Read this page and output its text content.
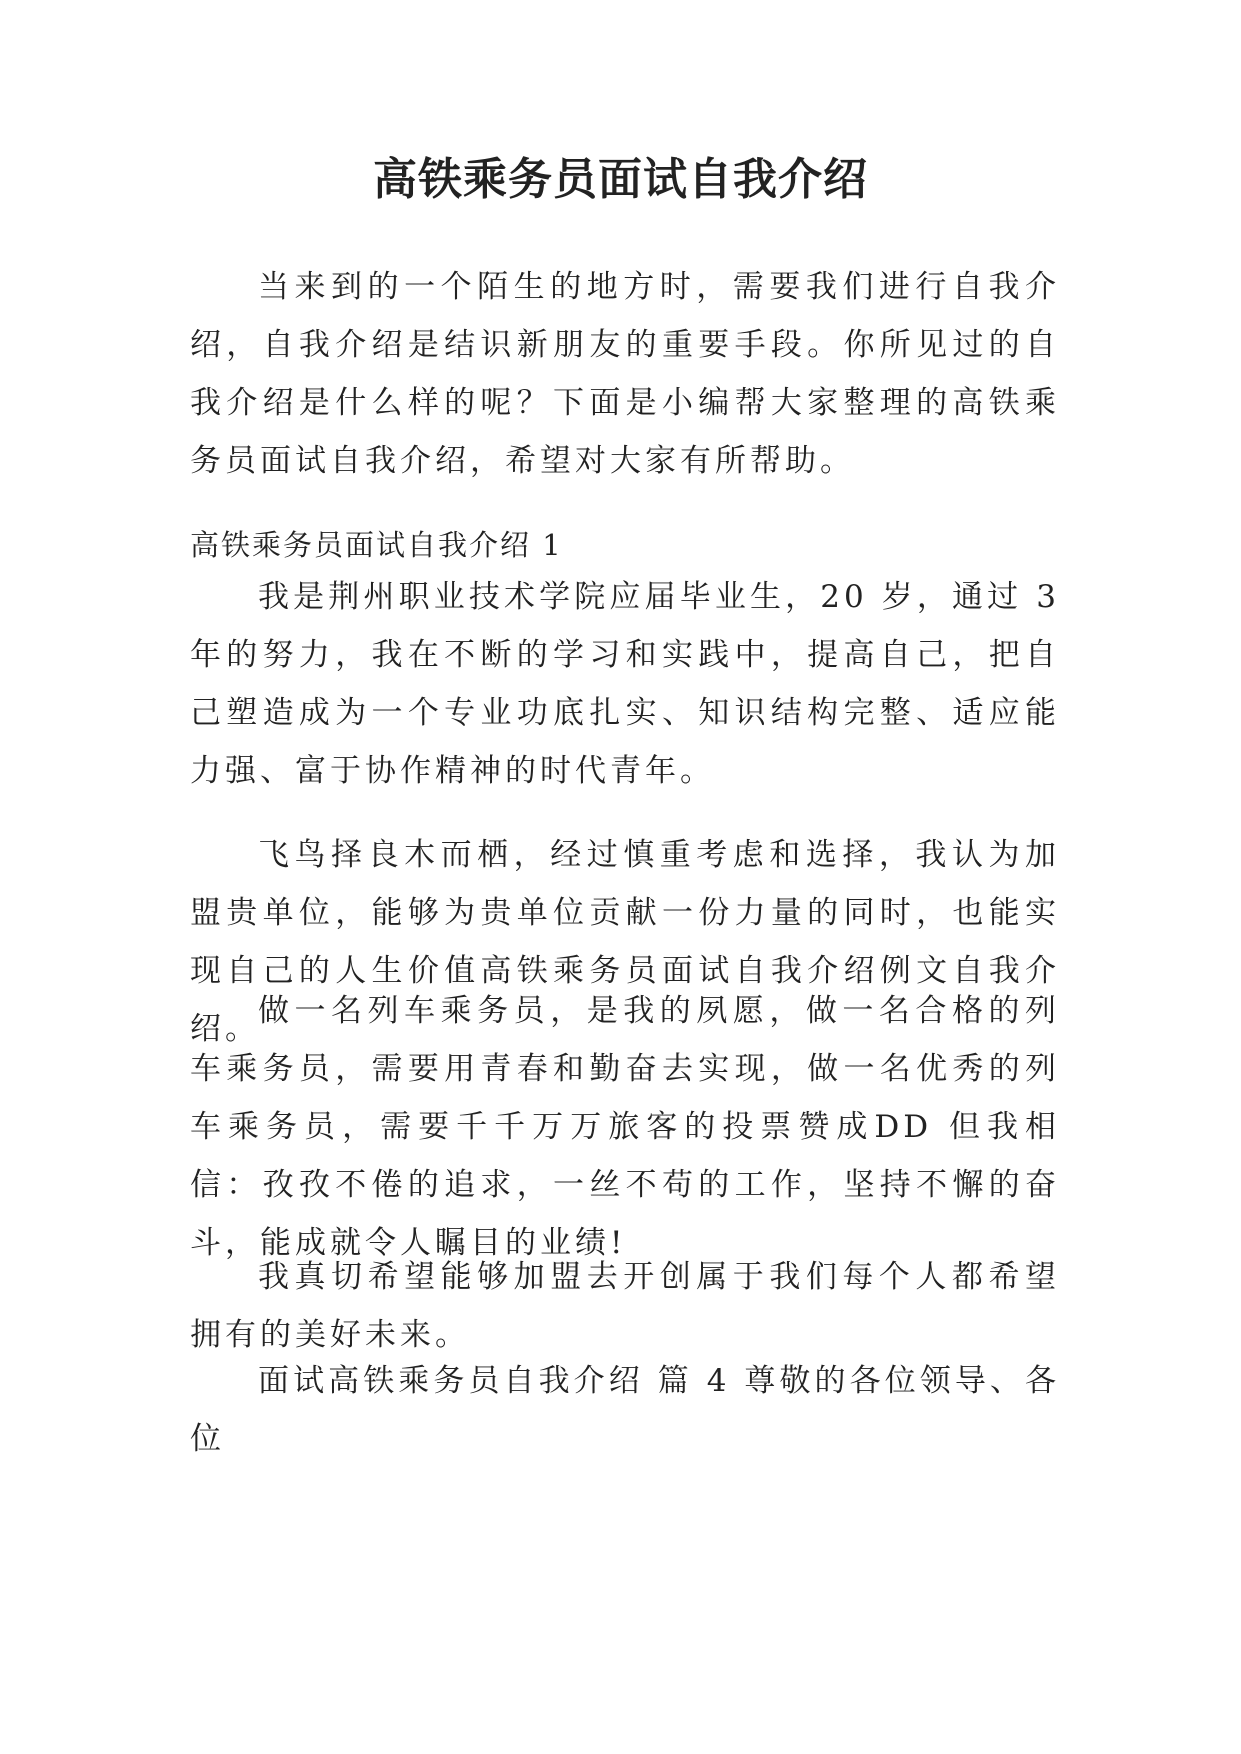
高铁乘务员面试自我介绍

当来到的一个陌生的地方时，需要我们进行自我介绍，自我介绍是结识新朋友的重要手段。你所见过的自我介绍是什么样的呢？下面是小编帮大家整理的高铁乘务员面试自我介绍，希望对大家有所帮助。

高铁乘务员面试自我介绍 1

我是荆州职业技术学院应届毕业生，20 岁，通过 3 年的努力，我在不断的学习和实践中，提高自己，把自己塑造成为一个专业功底扎实、知识结构完整、适应能力强、富于协作精神的时代青年。

飞鸟择良木而栖，经过慎重考虑和选择，我认为加盟贵单位，能够为贵单位贡献一份力量的同时，也能实现自己的人生价值高铁乘务员面试自我介绍例文自我介绍。

做一名列车乘务员，是我的夙愿，做一名合格的列车乘务员，需要用青春和勤奋去实现，做一名优秀的列车乘务员，需要千千万万旅客的投票赞成DD 但我相信：孜孜不倦的追求，一丝不苟的工作，坚持不懈的奋斗，能成就令人瞩目的业绩!

我真切希望能够加盟去开创属于我们每个人都希望拥有的美好未来。

面试高铁乘务员自我介绍 篇 4 尊敬的各位领导、各位
